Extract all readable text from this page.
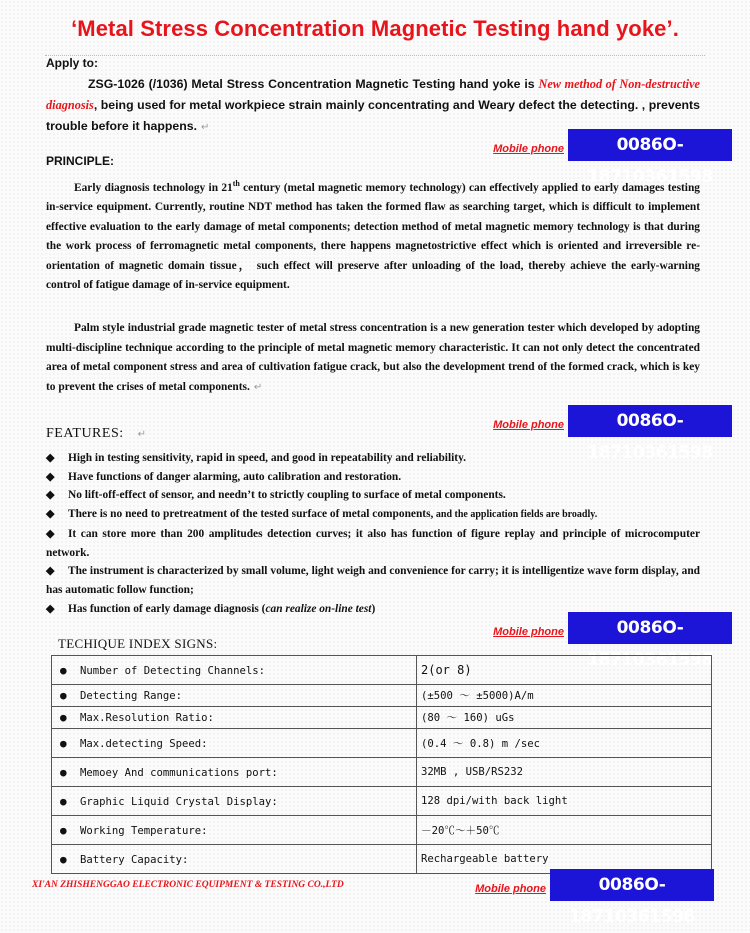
‘Metal Stress Concentration Magnetic Testing hand yoke’.
Apply to:
ZSG-1026 (/1036) Metal Stress Concentration Magnetic Testing hand yoke is New method of Non-destructive diagnosis, being used for metal workpiece strain mainly concentrating and Weary defect the detecting. , prevents trouble before it happens. ↵
Mobile phone	0086O-18710361598
PRINCIPLE:
Early diagnosis technology in 21th century (metal magnetic memory technology) can effectively applied to early damages testing in-service equipment. Currently, routine NDT method has taken the formed flaw as searching target, which is difficult to implement effective evaluation to the early damage of metal components; detection method of metal magnetic memory technology is that during the work process of ferromagnetic metal components, there happens magnetostrictive effect which is oriented and irreversible re-orientation of magnetic domain tissue， such effect will preserve after unloading of the load, thereby achieve the early-warning control of fatigue damage of in-service equipment.
Palm style industrial grade magnetic tester of metal stress concentration is a new generation tester which developed by adopting multi-discipline technique according to the principle of metal magnetic memory characteristic. It can not only detect the concentrated area of metal component stress and area of cultivation fatigue crack, but also the development trend of the formed crack, which is key to prevent the crises of metal components. ↵
Mobile phone	0086O-18710361598
FEATURES: ↵
◆ High in testing sensitivity, rapid in speed, and good in repeatability and reliability.
◆ Have functions of danger alarming, auto calibration and restoration.
◆ No lift-off-effect of sensor, and needn’t to strictly coupling to surface of metal components.
◆ There is no need to pretreatment of the tested surface of metal components, and the application fields are broadly.
◆ It can store more than 200 amplitudes detection curves; it also has function of figure replay and principle of microcomputer network.
◆ The instrument is characterized by small volume, light weigh and convenience for carry; it is intelligentize wave form display, and has automatic follow function;
◆ Has function of early damage diagnosis (can realize on-line test)
Mobile phone	0086O-18710361598
TECHIQUE INDEX SIGNS:
● Number of Detecting Channels:	2(or 8)
● Detecting Range:	(±500 ～ ±5000)A/m
● Max.Resolution Ratio:	(80 ～ 160) uGs
● Max.detecting Speed:	(0.4 ～ 0.8) m /sec
● Memoey And communications port:	32MB , USB/RS232
● Graphic Liquid Crystal Display:	128 dpi/with back light
● Working Temperature:	－20℃～＋50℃
● Battery Capacity:	Rechargeable battery
XI'AN ZHISHENGGAO ELECTRONIC EQUIPMENT & TESTING CO.,LTD	Mobile phone	0086O-18710361598
